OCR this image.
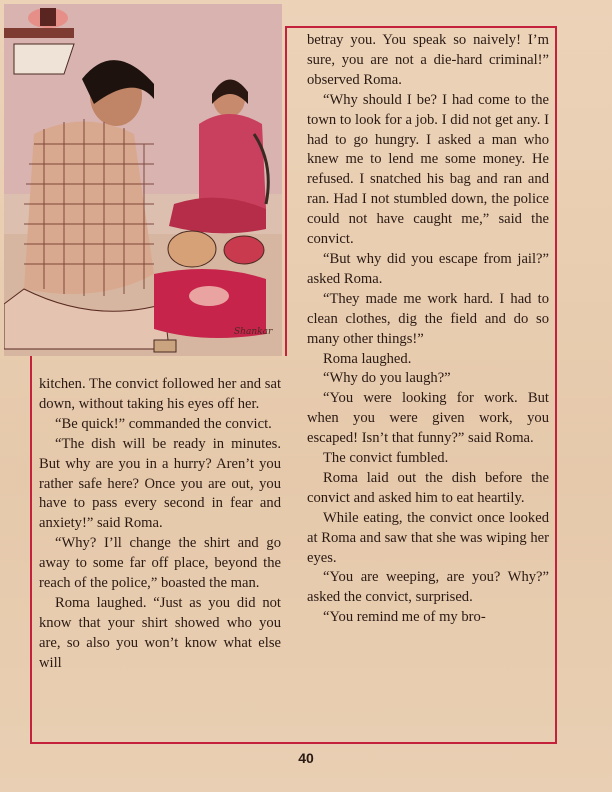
Shankar

kitchen. The convict followed her and sat down, without taking his eyes off her.

“Be quick!” commanded the convict.

“The dish will be ready in minutes. But why are you in a hurry? Aren’t you rather safe here? Once you are out, you have to pass every second in fear and anxiety!” said Roma.

“Why? I’ll change the shirt and go away to some far off place, beyond the reach of the police,” boasted the man.

Roma laughed. “Just as you did not know that your shirt showed who you are, so also you won’t know what else will

betray you. You speak so naively! I’m sure, you are not a die-hard criminal!” observed Roma.

“Why should I be? I had come to the town to look for a job. I did not get any. I had to go hungry. I asked a man who knew me to lend me some money. He refused. I snatched his bag and ran and ran. Had I not stumbled down, the police could not have caught me,” said the convict.

“But why did you escape from jail?” asked Roma.

“They made me work hard. I had to clean clothes, dig the field and do so many other things!”

Roma laughed.

“Why do you laugh?”

“You were looking for work. But when you were given work, you escaped! Isn’t that funny?” said Roma.

The convict fumbled.

Roma laid out the dish before the convict and asked him to eat heartily.

While eating, the convict once looked at Roma and saw that she was wiping her eyes.

“You are weeping, are you? Why?” asked the convict, surprised.

“You remind me of my bro-

40
